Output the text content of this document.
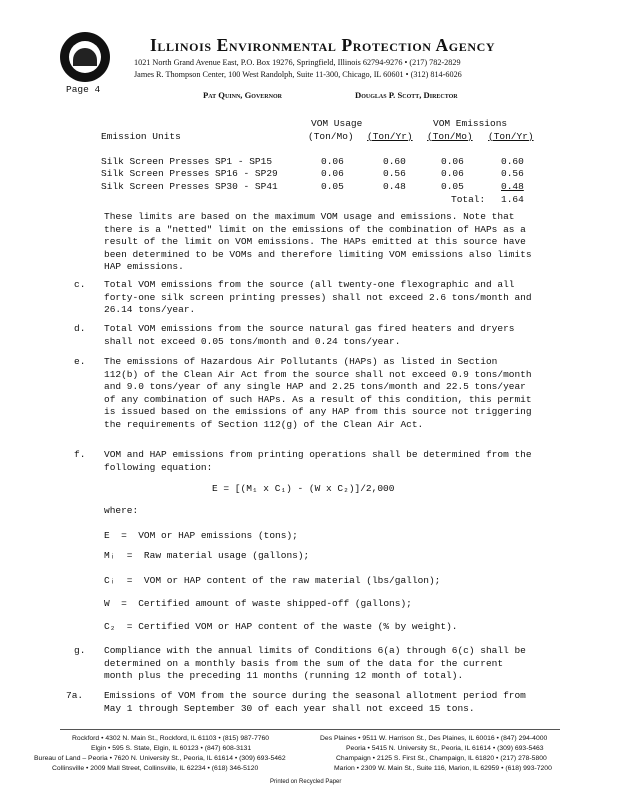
Illinois Environmental Protection Agency
1021 North Grand Avenue East, P.O. Box 19276, Springfield, Illinois 62794-9276 • (217) 782-2829
James R. Thompson Center, 100 West Randolph, Suite 11-300, Chicago, IL 60601 • (312) 814-6026
Pat Quinn, Governor	Douglas P. Scott, Director
Page 4
VOM Usage	VOM Emissions
Emission Units	(Ton/Mo) (Ton/Yr) (Ton/Mo) (Ton/Yr)
Silk Screen Presses SP1 - SP15	0.06	0.60	0.06	0.60
Silk Screen Presses SP16 - SP29	0.06	0.56	0.06	0.56
Silk Screen Presses SP30 - SP41	0.05	0.48	0.05	0.48
Total: 1.64
These limits are based on the maximum VOM usage and emissions. Note that there is a "netted" limit on the emissions of the combination of HAPs as a result of the limit on VOM emissions. The HAPs emitted at this source have been determined to be VOMs and therefore limiting VOM emissions also limits HAP emissions.
c. Total VOM emissions from the source (all twenty-one flexographic and all forty-one silk screen printing presses) shall not exceed 2.6 tons/month and 26.14 tons/year.
d. Total VOM emissions from the source natural gas fired heaters and dryers shall not exceed 0.05 tons/month and 0.24 tons/year.
e. The emissions of Hazardous Air Pollutants (HAPs) as listed in Section 112(b) of the Clean Air Act from the source shall not exceed 0.9 tons/month and 9.0 tons/year of any single HAP and 2.25 tons/month and 22.5 tons/year of any combination of such HAPs. As a result of this condition, this permit is issued based on the emissions of any HAP from this source not triggering the requirements of Section 112(g) of the Clean Air Act.
f. VOM and HAP emissions from printing operations shall be determined from the following equation:
E = [(M₁ x C₁) - (W x C₂)]/2,000
where:
E  =  VOM or HAP emissions (tons);
Mᵢ  =  Raw material usage (gallons);
Cᵢ  =  VOM or HAP content of the raw material (lbs/gallon);
W  =  Certified amount of waste shipped-off (gallons);
C₂  = Certified VOM or HAP content of the waste (% by weight).
g. Compliance with the annual limits of Conditions 6(a) through 6(c) shall be determined on a monthly basis from the sum of the data for the current month plus the preceding 11 months (running 12 month of total).
7a. Emissions of VOM from the source during the seasonal allotment period from May 1 through September 30 of each year shall not exceed 15 tons.
Rockford • 4302 N. Main St., Rockford, IL 61103 • (815) 987-7760
Elgin • 595 S. State, Elgin, IL 60123 • (847) 608-3131
Bureau of Land – Peoria • 7620 N. University St., Peoria, IL 61614 • (309) 693-5462
Collinsville • 2009 Mall Street, Collinsville, IL 62234 • (618) 346-5120
Des Plaines • 9511 W. Harrison St., Des Plaines, IL 60016 • (847) 294-4000
Peoria • 5415 N. University St., Peoria, IL 61614 • (309) 693-5463
Champaign • 2125 S. First St., Champaign, IL 61820 • (217) 278-5800
Marion • 2309 W. Main St., Suite 116, Marion, IL 62959 • (618) 993-7200
Printed on Recycled Paper
